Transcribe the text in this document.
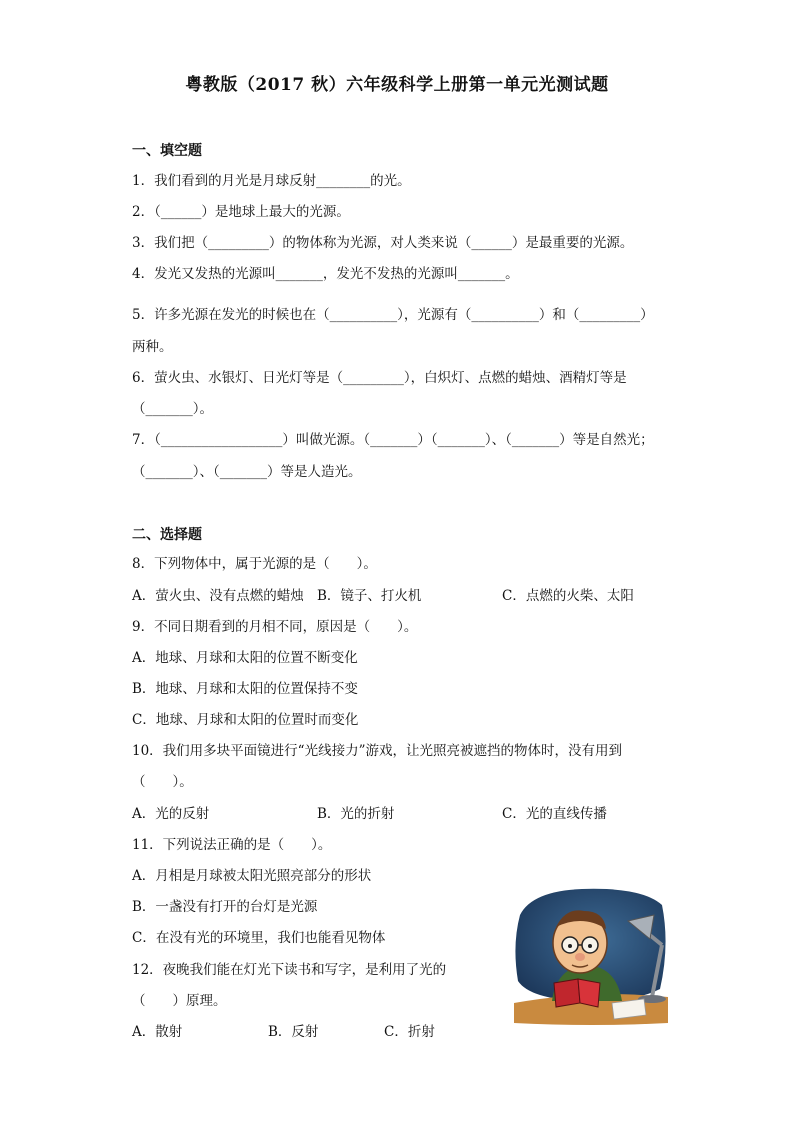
粤教版（2017 秋）六年级科学上册第一单元光测试题
一、填空题
1．我们看到的月光是月球反射________的光。
2．（______）是地球上最大的光源。
3．我们把（_________）的物体称为光源，对人类来说（______）是最重要的光源。
4．发光又发热的光源叫_______，发光不发热的光源叫_______。
5．许多光源在发光的时候也在（__________），光源有（__________）和（_________）
两种。
6．萤火虫、水银灯、日光灯等是（_________），白炽灯、点燃的蜡烛、酒精灯等是
（_______）。
7．（__________________）叫做光源。（_______）（_______）、（_______）等是自然光；
（_______）、（_______）等是人造光。
二、选择题
8．下列物体中，属于光源的是（　　）。
A．萤火虫、没有点燃的蜡烛 B．镜子、打火机	C．点燃的火柴、太阳
9．不同日期看到的月相不同，原因是（　　）。
A．地球、月球和太阳的位置不断变化
B．地球、月球和太阳的位置保持不变
C．地球、月球和太阳的位置时而变化
10．我们用多块平面镜进行“光线接力”游戏，让光照亮被遮挡的物体时，没有用到
（　　）。
A．光的反射	B．光的折射	C．光的直线传播
11．下列说法正确的是（　　）。
A．月相是月球被太阳光照亮部分的形状
B．一盏没有打开的台灯是光源
C．在没有光的环境里，我们也能看见物体
12．夜晚我们能在灯光下读书和写字，是利用了光的
（　　）原理。
A．散射	B．反射	C．折射
